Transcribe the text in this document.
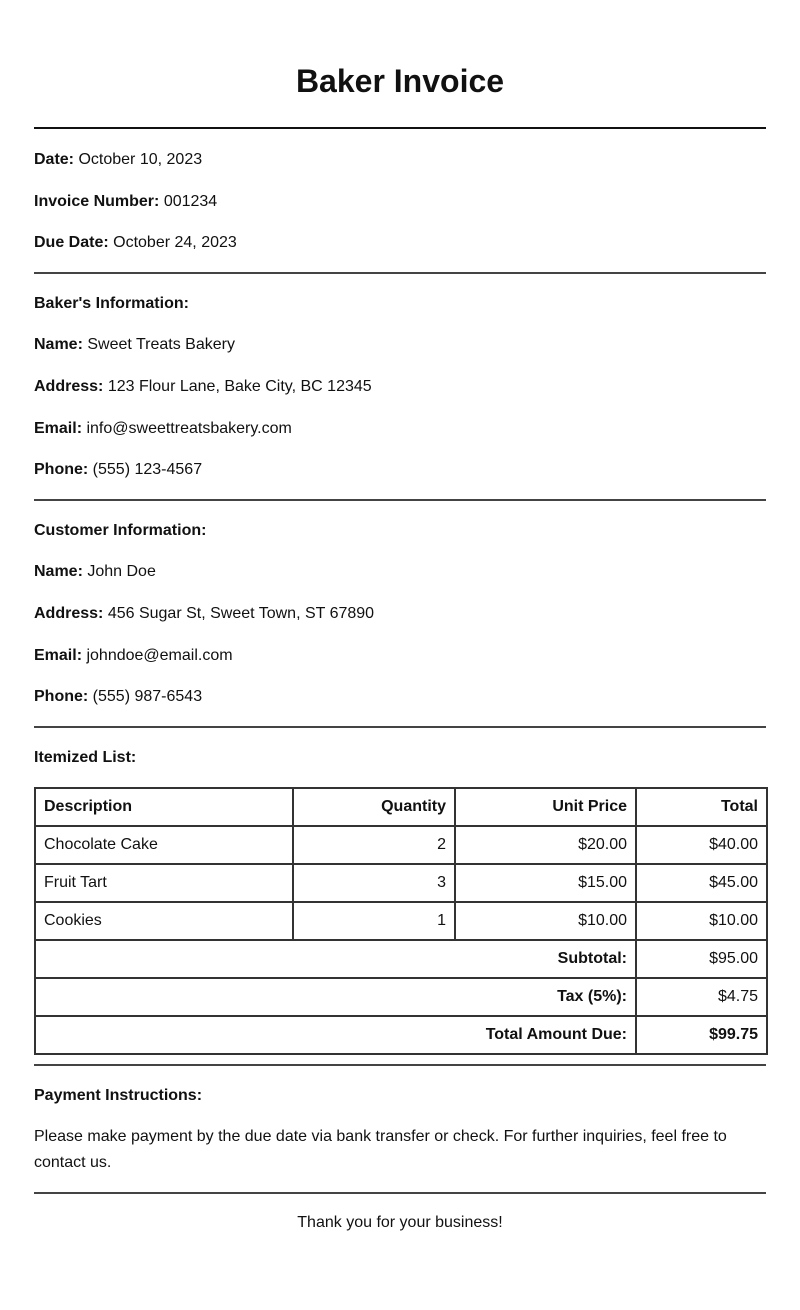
Baker Invoice
Date: October 10, 2023
Invoice Number: 001234
Due Date: October 24, 2023
Baker's Information:
Name: Sweet Treats Bakery
Address: 123 Flour Lane, Bake City, BC 12345
Email: info@sweettreatsbakery.com
Phone: (555) 123-4567
Customer Information:
Name: John Doe
Address: 456 Sugar St, Sweet Town, ST 67890
Email: johndoe@email.com
Phone: (555) 987-6543
Itemized List:
Description	Quantity	Unit Price	Total
Chocolate Cake	2	$20.00	$40.00
Fruit Tart	3	$15.00	$45.00
Cookies	1	$10.00	$10.00
Subtotal:			$95.00
Tax (5%):			$4.75
Total Amount Due:			$99.75
Payment Instructions:
Please make payment by the due date via bank transfer or check. For further inquiries, feel free to contact us.
Thank you for your business!
